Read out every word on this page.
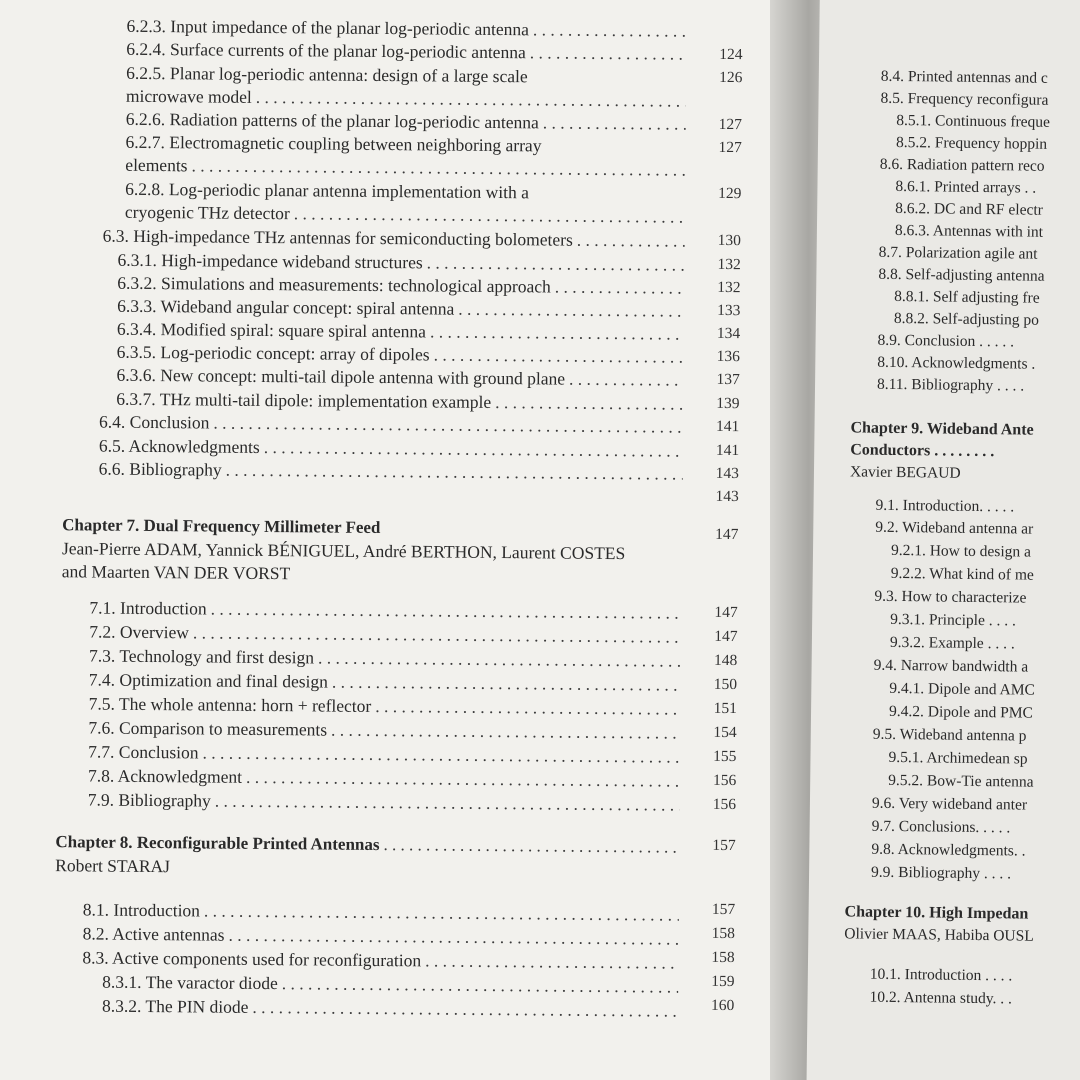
6.2.3. Input impedance of the planar log-periodic antenna
. . .
6.2.4. Surface currents of the planar log-periodic antenna . . .	124
6.2.5. Planar log-periodic antenna: design of a large scale	126
microwave model
. . .
6.2.6. Radiation patterns of the planar log-periodic antenna . . .	127
6.2.7. Electromagnetic coupling between neighboring array	127
elements
. . .
6.2.8. Log-periodic planar antenna implementation with a	129
cryogenic THz detector
. . .
6.3. High-impedance THz antennas for semiconducting bolometers . . .	130
6.3.1. High-impedance wideband structures . . .	132
6.3.2. Simulations and measurements: technological approach . . .	132
6.3.3. Wideband angular concept: spiral antenna . . .	133
6.3.4. Modified spiral: square spiral antenna . . .	134
6.3.5. Log-periodic concept: array of dipoles . . .	136
6.3.6. New concept: multi-tail dipole antenna with ground plane . . .	137
6.3.7. THz multi-tail dipole: implementation example . . .	139
6.4. Conclusion . . .	141
6.5. Acknowledgments . . .	141
6.6. Bibliography . . .	143
143
Chapter 7. Dual Frequency Millimeter Feed	147
Jean-Pierre ADAM, Yannick BÉNIGUEL, André BERTHON, Laurent COSTES
and Maarten VAN DER VORST
7.1. Introduction . . .	147
7.2. Overview . . .	147
7.3. Technology and first design . . .	148
7.4. Optimization and final design . . .	150
7.5. The whole antenna: horn + reflector . . .	151
7.6. Comparison to measurements . . .	154
7.7. Conclusion . . .	155
7.8. Acknowledgment . . .	156
7.9. Bibliography . . .	156
Chapter 8. Reconfigurable Printed Antennas . . .	157
Robert STARAJ
8.1. Introduction . . .	157
8.2. Active antennas . . .	158
8.3. Active components used for reconfiguration . . .	158
8.3.1. The varactor diode . . .	159
8.3.2. The PIN diode . . .	160
8.4. Printed antennas and c
8.5. Frequency reconfigura
8.5.1. Continuous freque
8.5.2. Frequency hoppin
8.6. Radiation pattern reco
8.6.1. Printed arrays . .
8.6.2. DC and RF electr
8.6.3. Antennas with int
8.7. Polarization agile ant
8.8. Self-adjusting antenna
8.8.1. Self adjusting fre
8.8.2. Self-adjusting po
8.9. Conclusion . . . . .
8.10. Acknowledgments .
8.11. Bibliography . . . .
Chapter 9. Wideband Ante
Conductors . . . . . . . .
Xavier BEGAUD
9.1. Introduction. . . . .
9.2. Wideband antenna ar
9.2.1. How to design a
9.2.2. What kind of me
9.3. How to characterize
9.3.1. Principle . . . .
9.3.2. Example . . . .
9.4. Narrow bandwidth a
9.4.1. Dipole and AMC
9.4.2. Dipole and PMC
9.5. Wideband antenna p
9.5.1. Archimedean sp
9.5.2. Bow-Tie antenna
9.6. Very wideband anter
9.7. Conclusions. . . . .
9.8. Acknowledgments. .
9.9. Bibliography . . . .
Chapter 10. High Impedan
Olivier MAAS, Habiba OUSL
10.1. Introduction . . . .
10.2. Antenna study. . .
